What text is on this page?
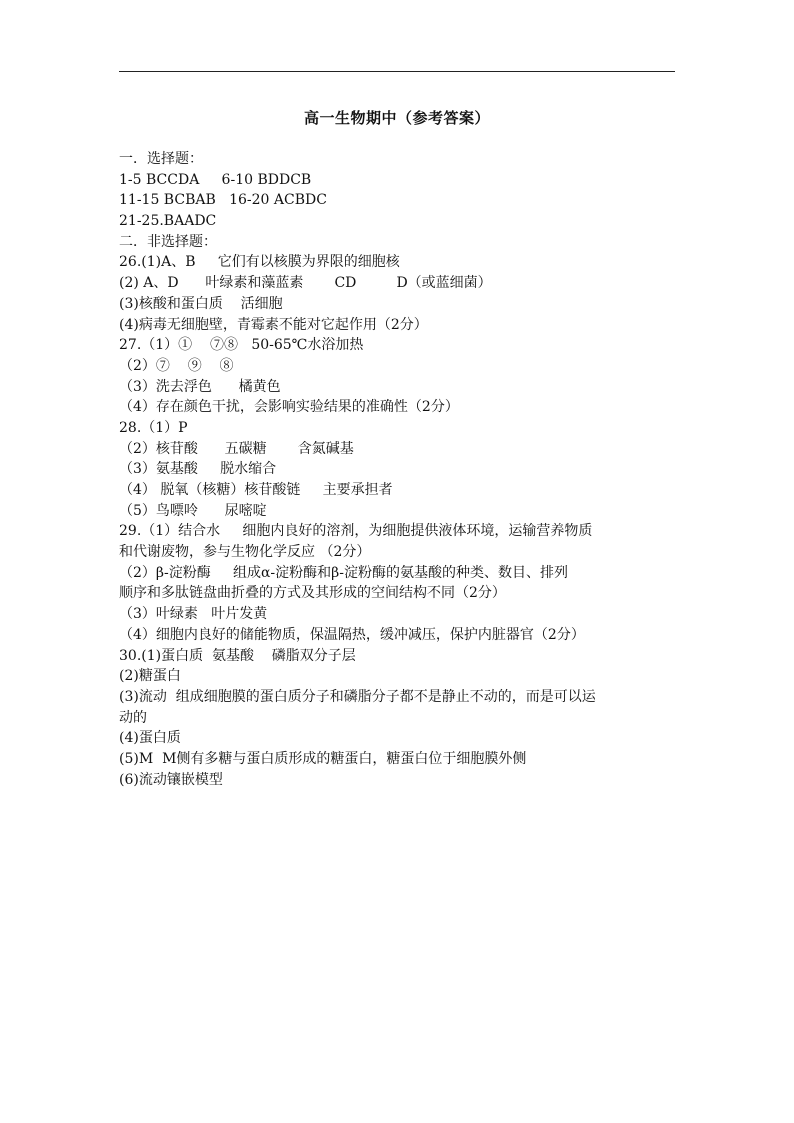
高一生物期中（参考答案）
一．选择题：
1-5 BCCDA     6-10 BDDCB
11-15 BCBAB   16-20 ACBDC
21-25.BAADC
二．非选择题：
26.(1)A、B     它们有以核膜为界限的细胞核
(2) A、D      叶绿素和藻蓝素       CD         D（或蓝细菌）
(3)核酸和蛋白质    活细胞
(4)病毒无细胞壁，青霉素不能对它起作用（2分）
27.（1）①    ⑦⑧   50-65℃水浴加热
（2）⑦    ⑨    ⑧
（3）洗去浮色      橘黄色
（4）存在颜色干扰，会影响实验结果的准确性（2分）
28.（1）P
（2）核苷酸      五碳糖       含氮碱基
（3）氨基酸     脱水缩合
（4） 脱氧（核糖）核苷酸链     主要承担者
（5）鸟嘌呤      尿嘧啶
29.（1）结合水     细胞内良好的溶剂，为细胞提供液体环境，运输营养物质
和代谢废物，参与生物化学反应 （2分）
（2）β-淀粉酶     组成α-淀粉酶和β-淀粉酶的氨基酸的种类、数目、排列
顺序和多肽链盘曲折叠的方式及其形成的空间结构不同（2分）
（3）叶绿素   叶片发黄
（4）细胞内良好的储能物质，保温隔热，缓冲减压，保护内脏器官（2分）
30.(1)蛋白质  氨基酸    磷脂双分子层
(2)糖蛋白
(3)流动  组成细胞膜的蛋白质分子和磷脂分子都不是静止不动的，而是可以运
动的
(4)蛋白质
(5)M  M侧有多糖与蛋白质形成的糖蛋白，糖蛋白位于细胞膜外侧
(6)流动镶嵌模型
